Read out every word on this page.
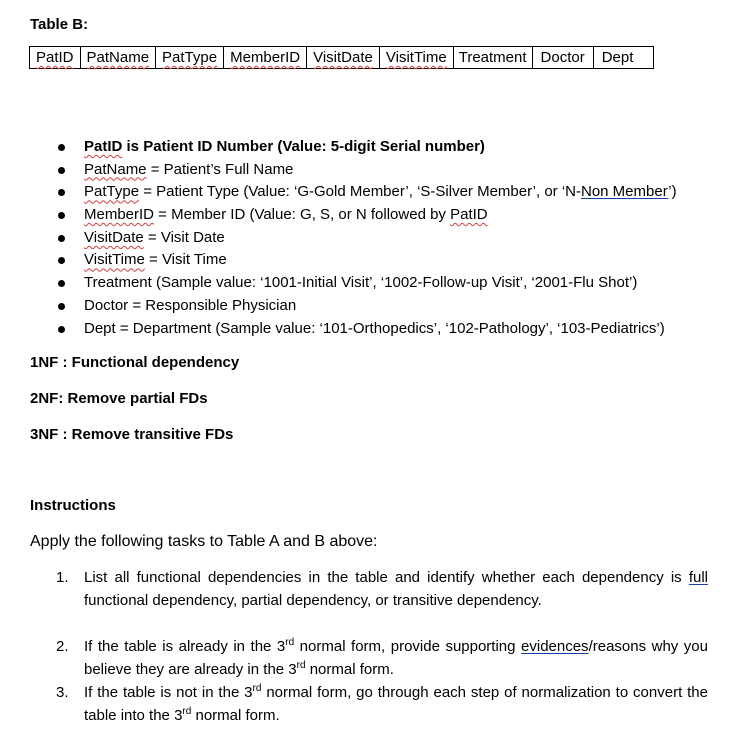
Table B:
PatID	PatName	PatType	MemberID	VisitDate	VisitTime	Treatment	Doctor	Dept
PatID is Patient ID Number (Value: 5-digit Serial number)
PatName = Patient’s Full Name
PatType = Patient Type (Value: ‘G-Gold Member’, ‘S-Silver Member’, or ‘N-Non Member’)
MemberID = Member ID (Value: G, S, or N followed by PatID
VisitDate = Visit Date
VisitTime = Visit Time
Treatment (Sample value: ‘1001-Initial Visit’, ‘1002-Follow-up Visit’, ‘2001-Flu Shot’)
Doctor = Responsible Physician
Dept = Department (Sample value: ‘101-Orthopedics’, ‘102-Pathology’, ‘103-Pediatrics’)
1NF : Functional dependency
2NF: Remove partial FDs
3NF : Remove transitive FDs
Instructions
Apply the following tasks to Table A and B above:
1. List all functional dependencies in the table and identify whether each dependency is full functional dependency, partial dependency, or transitive dependency.
2. If the table is already in the 3rd normal form, provide supporting evidences/reasons why you believe they are already in the 3rd normal form.
3. If the table is not in the 3rd normal form, go through each step of normalization to convert the table into the 3rd normal form.
